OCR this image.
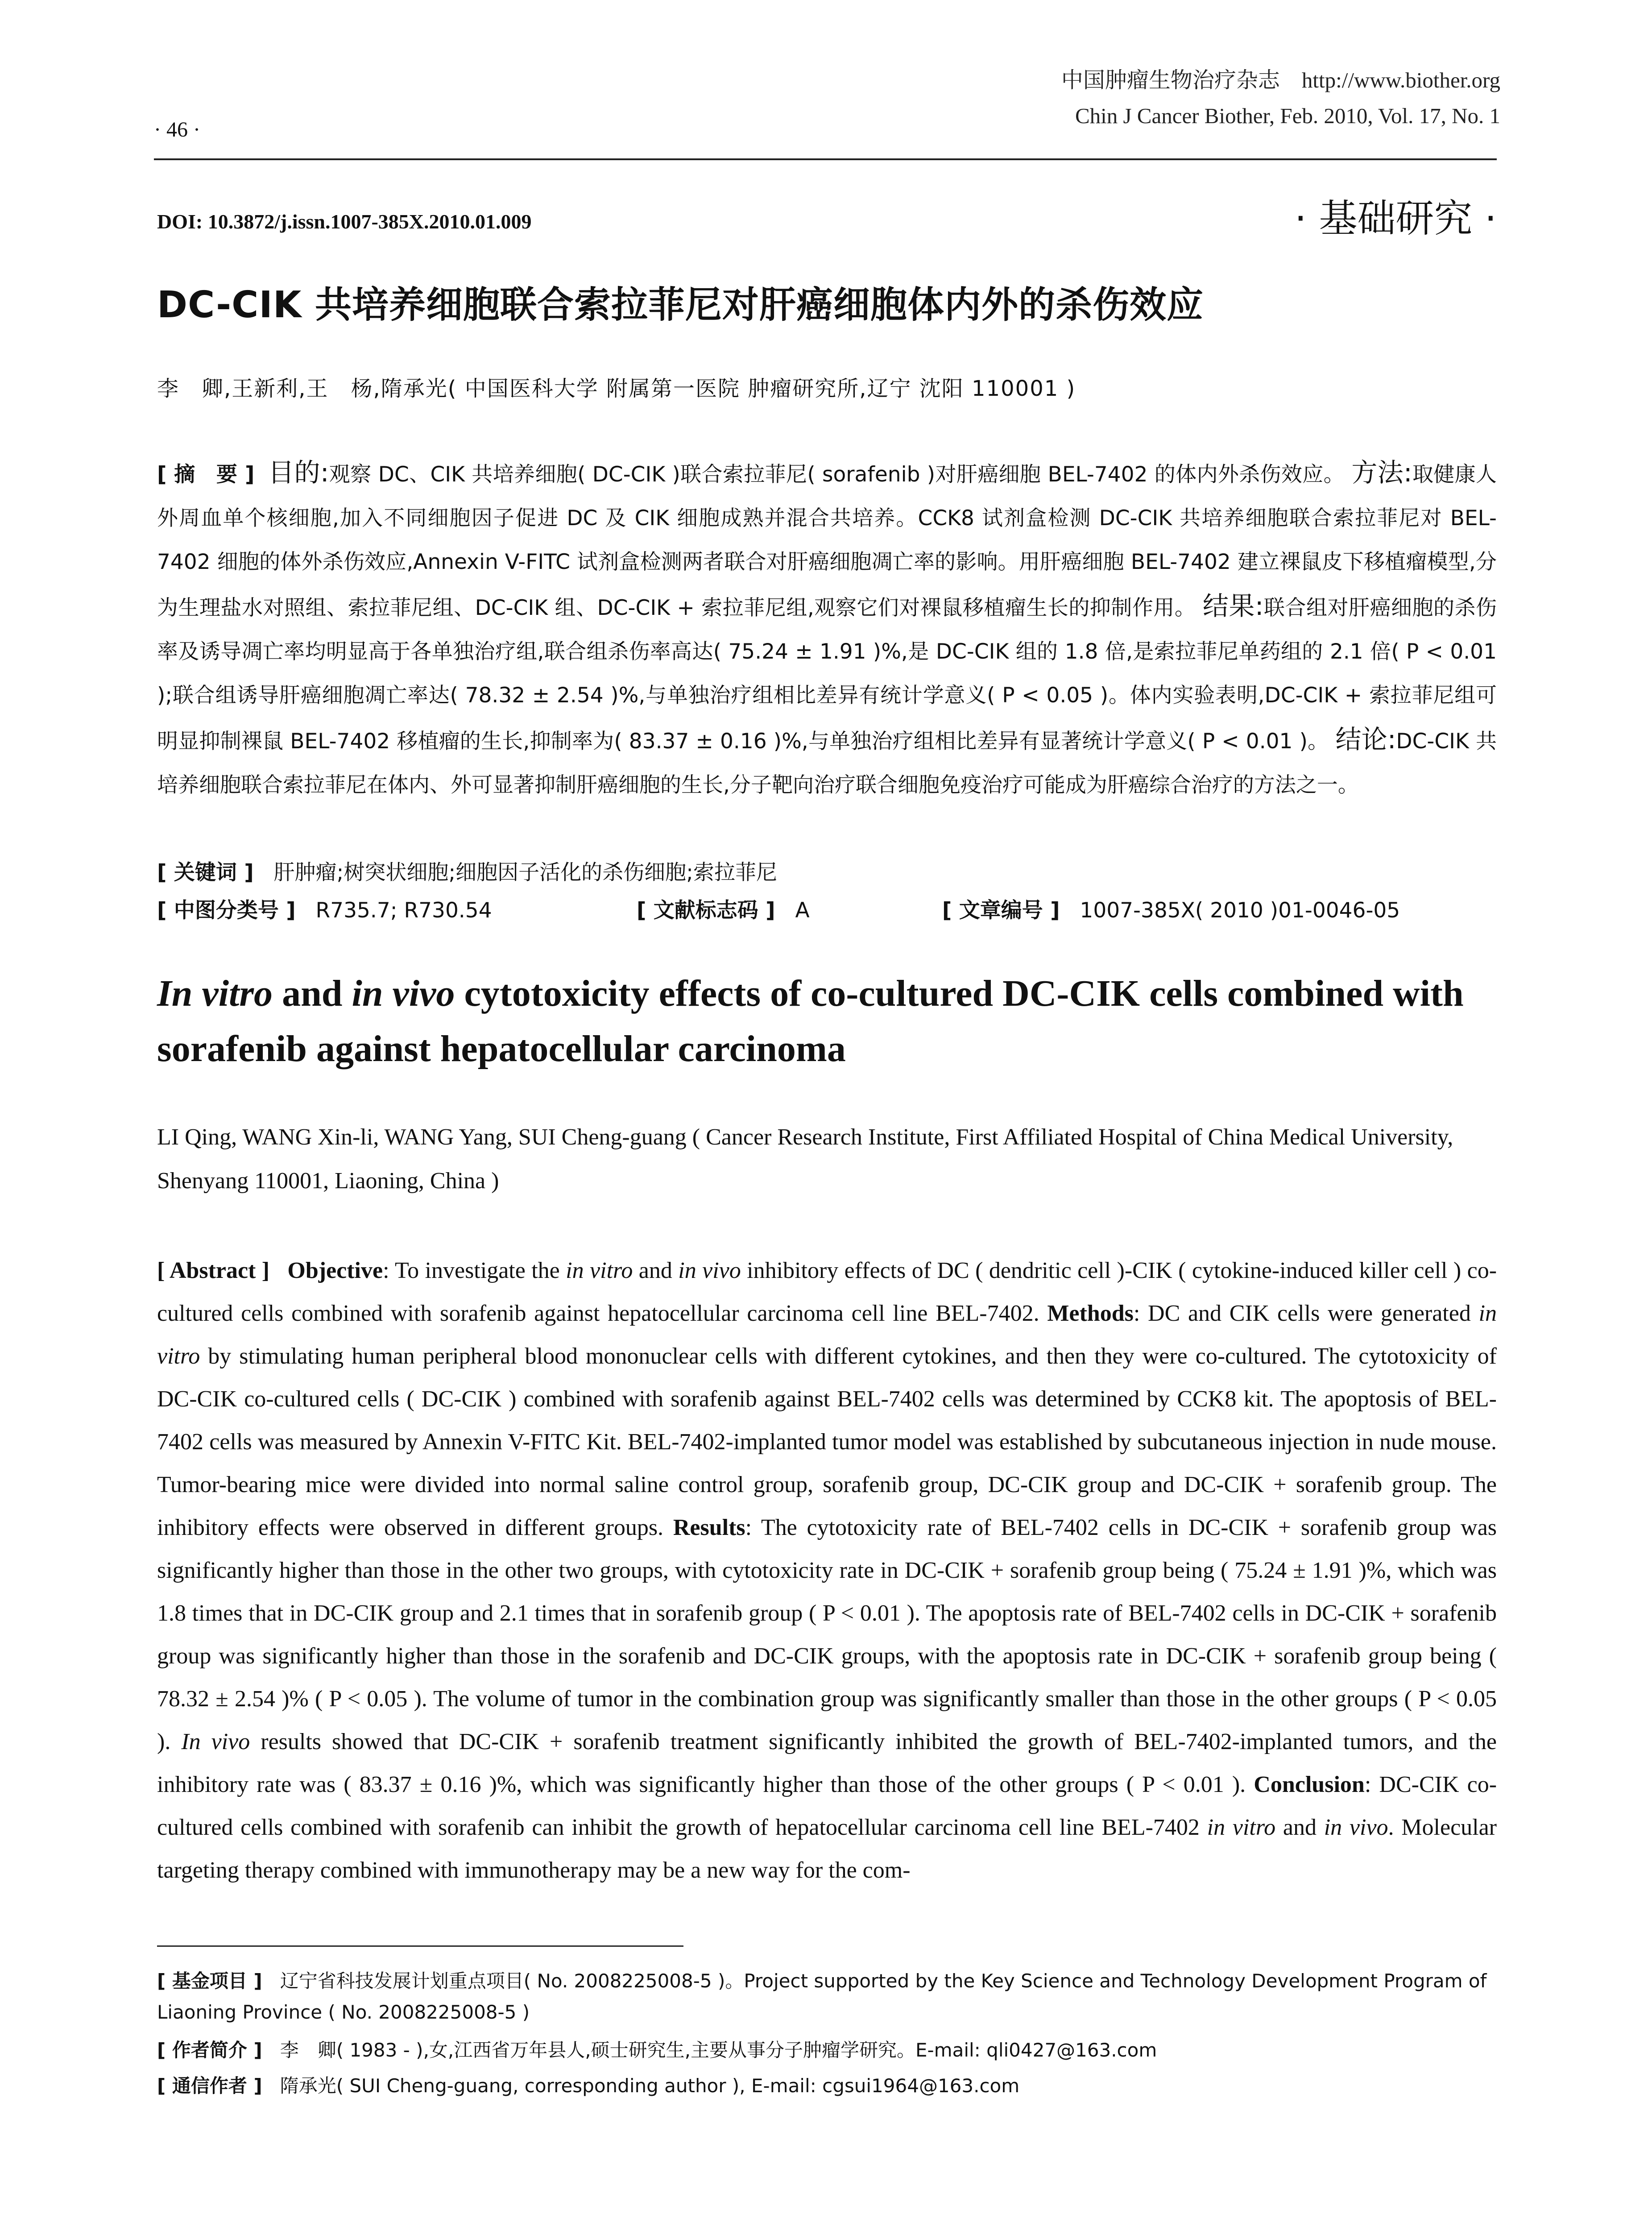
中国肿瘤生物治疗杂志 http://www.biother.org
Chin J Cancer Biother, Feb. 2010, Vol. 17, No. 1
· 46 ·
DOI: 10.3872/j.issn.1007-385X.2010.01.009	· 基础研究 ·
DC-CIK 共培养细胞联合索拉菲尼对肝癌细胞体内外的杀伤效应
李　卿,王新利,王　杨,隋承光( 中国医科大学 附属第一医院 肿瘤研究所,辽宁 沈阳 110001 )
[ 摘　要 ] 目的:观察 DC、CIK 共培养细胞( DC-CIK )联合索拉菲尼( sorafenib )对肝癌细胞 BEL-7402 的体内外杀伤效应。 方法:取健康人外周血单个核细胞,加入不同细胞因子促进 DC 及 CIK 细胞成熟并混合共培养。CCK8 试剂盒检测 DC-CIK 共培养细胞联合索拉菲尼对 BEL-7402 细胞的体外杀伤效应,Annexin V-FITC 试剂盒检测两者联合对肝癌细胞凋亡率的影响。用肝癌细胞 BEL-7402 建立裸鼠皮下移植瘤模型,分为生理盐水对照组、索拉菲尼组、DC-CIK 组、DC-CIK + 索拉菲尼组,观察它们对裸鼠移植瘤生长的抑制作用。 结果:联合组对肝癌细胞的杀伤率及诱导凋亡率均明显高于各单独治疗组,联合组杀伤率高达( 75.24 ± 1.91 )%,是 DC-CIK 组的 1.8 倍,是索拉菲尼单药组的 2.1 倍( P < 0.01 );联合组诱导肝癌细胞凋亡率达( 78.32 ± 2.54 )%,与单独治疗组相比差异有统计学意义( P < 0.05 )。体内实验表明,DC-CIK + 索拉菲尼组可明显抑制裸鼠 BEL-7402 移植瘤的生长,抑制率为( 83.37 ± 0.16 )%,与单独治疗组相比差异有显著统计学意义( P < 0.01 )。 结论:DC-CIK 共培养细胞联合索拉菲尼在体内、外可显著抑制肝癌细胞的生长,分子靶向治疗联合细胞免疫治疗可能成为肝癌综合治疗的方法之一。
[ 关键词 ] 肝肿瘤;树突状细胞;细胞因子活化的杀伤细胞;索拉菲尼
[ 中图分类号 ] R735.7; R730.54	[ 文献标志码 ] A	[ 文章编号 ] 1007-385X( 2010 )01-0046-05
In vitro and in vivo cytotoxicity effects of co-cultured DC-CIK cells combined with sorafenib against hepatocellular carcinoma
LI Qing, WANG Xin-li, WANG Yang, SUI Cheng-guang ( Cancer Research Institute, First Affiliated Hospital of China Medical University, Shenyang 110001, Liaoning, China )
[ Abstract ] Objective: To investigate the in vitro and in vivo inhibitory effects of DC ( dendritic cell )-CIK ( cytokine-induced killer cell ) co-cultured cells combined with sorafenib against hepatocellular carcinoma cell line BEL-7402. Methods: DC and CIK cells were generated in vitro by stimulating human peripheral blood mononuclear cells with different cytokines, and then they were co-cultured. The cytotoxicity of DC-CIK co-cultured cells ( DC-CIK ) combined with sorafenib against BEL-7402 cells was determined by CCK8 kit. The apoptosis of BEL-7402 cells was measured by Annexin V-FITC Kit. BEL-7402-implanted tumor model was established by subcutaneous injection in nude mouse. Tumor-bearing mice were divided into normal saline control group, sorafenib group, DC-CIK group and DC-CIK + sorafenib group. The inhibitory effects were observed in different groups. Results: The cytotoxicity rate of BEL-7402 cells in DC-CIK + sorafenib group was significantly higher than those in the other two groups, with cytotoxicity rate in DC-CIK + sorafenib group being ( 75.24 ± 1.91 )%, which was 1.8 times that in DC-CIK group and 2.1 times that in sorafenib group ( P < 0.01 ). The apoptosis rate of BEL-7402 cells in DC-CIK + sorafenib group was significantly higher than those in the sorafenib and DC-CIK groups, with the apoptosis rate in DC-CIK + sorafenib group being ( 78.32 ± 2.54 )% ( P < 0.05 ). The volume of tumor in the combination group was significantly smaller than those in the other groups ( P < 0.05 ). In vivo results showed that DC-CIK + sorafenib treatment significantly inhibited the growth of BEL-7402-implanted tumors, and the inhibitory rate was ( 83.37 ± 0.16 )%, which was significantly higher than those of the other groups ( P < 0.01 ). Conclusion: DC-CIK co-cultured cells combined with sorafenib can inhibit the growth of hepatocellular carcinoma cell line BEL-7402 in vitro and in vivo. Molecular targeting therapy combined with immunotherapy may be a new way for the com-
[ 基金项目 ] 辽宁省科技发展计划重点项目( No. 2008225008-5 )。Project supported by the Key Science and Technology Development Program of Liaoning Province ( No. 2008225008-5 )
[ 作者简介 ] 李　卿( 1983 - ),女,江西省万年县人,硕士研究生,主要从事分子肿瘤学研究。E-mail: qli0427@163.com
[ 通信作者 ] 隋承光( SUI Cheng-guang, corresponding author ), E-mail: cgsui1964@163.com
